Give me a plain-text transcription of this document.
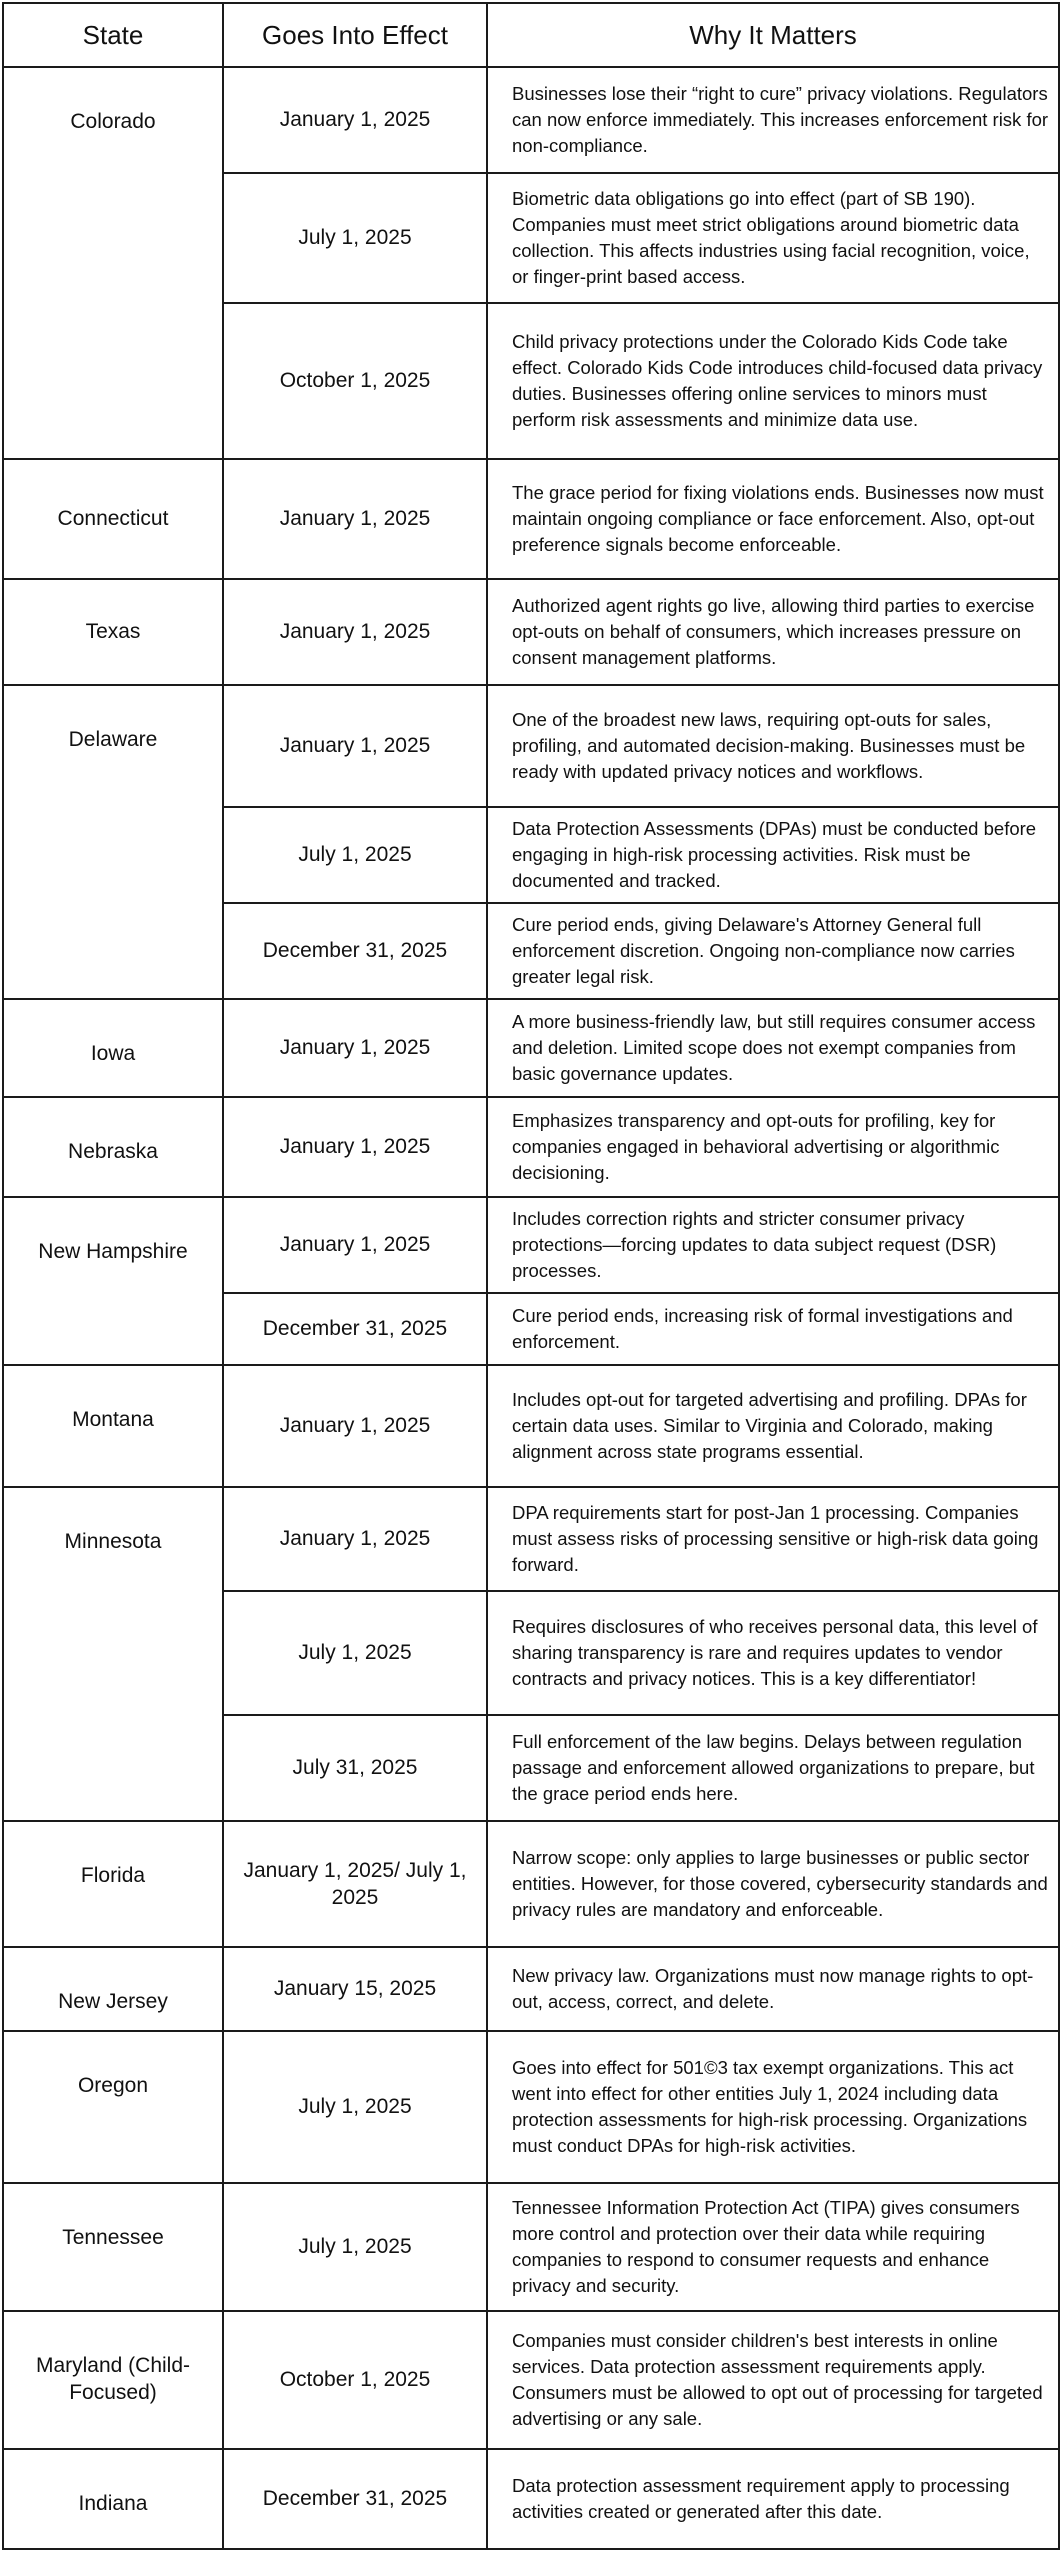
State	Goes Into Effect	Why It Matters
Colorado	January 1, 2025	Businesses lose their “right to cure” privacy violations. Regulators can now enforce immediately. This increases enforcement risk for non-compliance.
	July 1, 2025	Biometric data obligations go into effect (part of SB 190). Companies must meet strict obligations around biometric data collection. This affects industries using facial recognition, voice, or finger-print based access.
	October 1, 2025	Child privacy protections under the Colorado Kids Code take effect. Colorado Kids Code introduces child-focused data privacy duties. Businesses offering online services to minors must perform risk assessments and minimize data use.
Connecticut	January 1, 2025	The grace period for fixing violations ends. Businesses now must maintain ongoing compliance or face enforcement. Also, opt-out preference signals become enforceable.
Texas	January 1, 2025	Authorized agent rights go live, allowing third parties to exercise opt-outs on behalf of consumers, which increases pressure on consent management platforms.
Delaware	January 1, 2025	One of the broadest new laws, requiring opt-outs for sales, profiling, and automated decision-making. Businesses must be ready with updated privacy notices and workflows.
	July 1, 2025	Data Protection Assessments (DPAs) must be conducted before engaging in high-risk processing activities. Risk must be documented and tracked.
	December 31, 2025	Cure period ends, giving Delaware's Attorney General full enforcement discretion. Ongoing non-compliance now carries greater legal risk.
Iowa	January 1, 2025	A more business-friendly law, but still requires consumer access and deletion. Limited scope does not exempt companies from basic governance updates.
Nebraska	January 1, 2025	Emphasizes transparency and opt-outs for profiling, key for companies engaged in behavioral advertising or algorithmic decisioning.
New Hampshire	January 1, 2025	Includes correction rights and stricter consumer privacy protections—forcing updates to data subject request (DSR) processes.
	December 31, 2025	Cure period ends, increasing risk of formal investigations and enforcement.
Montana	January 1, 2025	Includes opt-out for targeted advertising and profiling. DPAs for certain data uses. Similar to Virginia and Colorado, making alignment across state programs essential.
Minnesota	January 1, 2025	DPA requirements start for post-Jan 1 processing. Companies must assess risks of processing sensitive or high-risk data going forward.
	July 1, 2025	Requires disclosures of who receives personal data, this level of sharing transparency is rare and requires updates to vendor contracts and privacy notices. This is a key differentiator!
	July 31, 2025	Full enforcement of the law begins. Delays between regulation passage and enforcement allowed organizations to prepare, but the grace period ends here.
Florida	January 1, 2025/ July 1, 2025	Narrow scope: only applies to large businesses or public sector entities. However, for those covered, cybersecurity standards and privacy rules are mandatory and enforceable.
New Jersey	January 15, 2025	New privacy law. Organizations must now manage rights to opt-out, access, correct, and delete.
Oregon	July 1, 2025	Goes into effect for 501©3 tax exempt organizations. This act went into effect for other entities July 1, 2024 including data protection assessments for high-risk processing. Organizations must conduct DPAs for high-risk activities.
Tennessee	July 1, 2025	Tennessee Information Protection Act (TIPA) gives consumers more control and protection over their data while requiring companies to respond to consumer requests and enhance privacy and security.
Maryland (Child-Focused)	October 1, 2025	Companies must consider children's best interests in online services. Data protection assessment requirements apply. Consumers must be allowed to opt out of processing for targeted advertising or any sale.
Indiana	December 31, 2025	Data protection assessment requirement apply to processing activities created or generated after this date.
